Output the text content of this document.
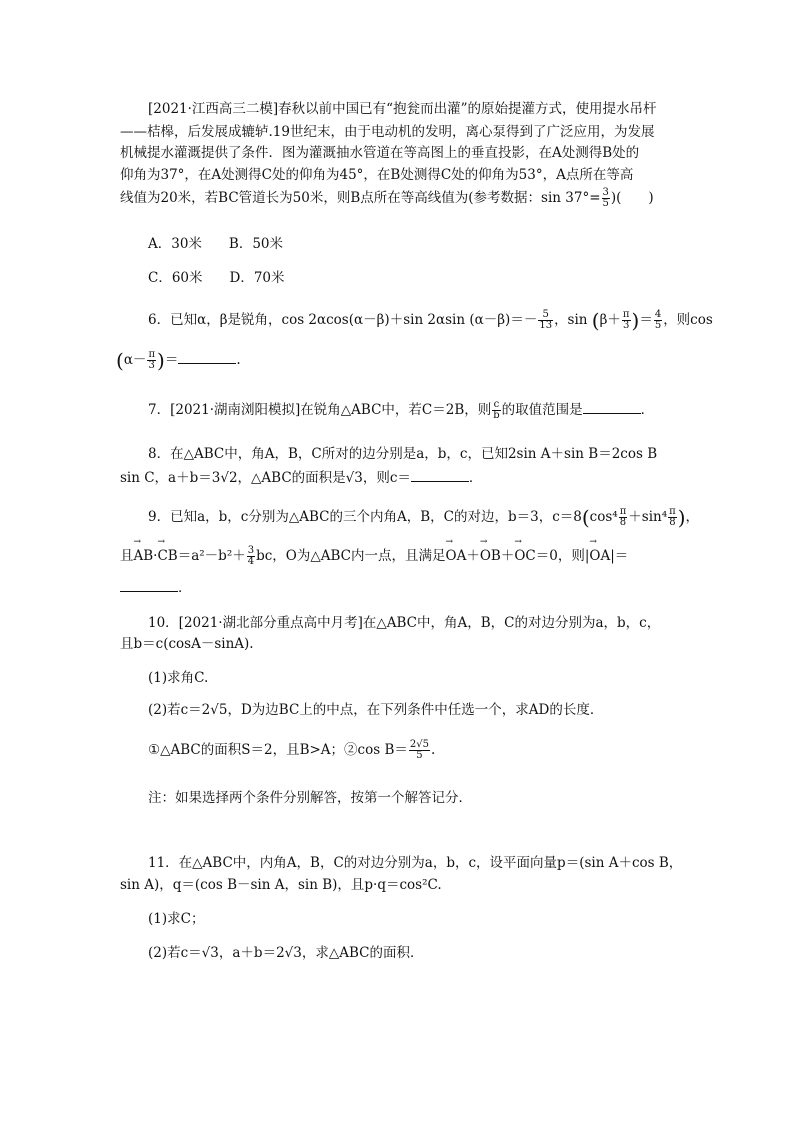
[2021·江西高三二模]春秋以前中国已有“抱瓮而出灌”的原始提灌方式，使用提水吊杆
——桔槔，后发展成辘轳.19世纪末，由于电动机的发明，离心泵得到了广泛应用，为发展
机械提水灌溉提供了条件．图为灌溉抽水管道在等高图上的垂直投影，在A处测得B处的
仰角为37°，在A处测得C处的仰角为45°，在B处测得C处的仰角为53°，A点所在等高
线值为20米，若BC管道长为50米，则B点所在等高线值为(参考数据：$\sin 37^\circ= \frac{3}{5}$ )(　　)
A．30米　　B．50米
C．60米　　D．70米
6．已知α，β是锐角，cos 2αcos(α－β)＋sin 2αsin $(\alpha-\beta)=- \frac{5}{13}$ ，$\sin (\beta+ \frac{\pi}{3}$ )＝ $\frac{4}{5}$ ，则cos
($\alpha- \frac{\pi}{3}$ )＝	.
7．[2021·湖南浏阳模拟]在锐角△ABC中，若C＝2B，则 $\frac{c}{b}$ 的取值范围是	．
8．在△ABC中，角A，B，C所对的边分别是a，b，c，已知2sin A＋sin B＝2cos B
sin C，a＋b＝3√2，△ABC的面积是√3，则c＝	．
9．已知a，b，c分别为△ABC的三个内角A，B，C的对边，b＝3，$c=8(\cos^4 \frac{\pi}{8} +\sin^4 \frac{\pi}{8}$ )，
且→ $AB\cdot\to CB=a^2-b^2+ \frac{3}{4}$ bc，O为△ABC内一点，且满足→ OA＋→ OB＋→ OC＝0，则|→ OA|＝
．
10．[2021·湖北部分重点高中月考]在△ABC中，角A，B，C的对边分别为a，b，c，
且b＝c(cosA－sinA).
(1)求角C.
(2)若c＝2√5，D为边BC上的中点，在下列条件中任选一个，求AD的长度．
①△ABC的面积S＝2，且B>A；②cos $B= \frac{2√5}{5}$ .
注：如果选择两个条件分别解答，按第一个解答记分．
11．在△ABC中，内角A，B，C的对边分别为a，b，c，设平面向量p＝(sin A＋cos B，
sin A)，q＝(cos B－sin A，sin B)，且p·q＝cos²C.
(1)求C；
(2)若c＝√3，a＋b＝2√3，求△ABC的面积．
